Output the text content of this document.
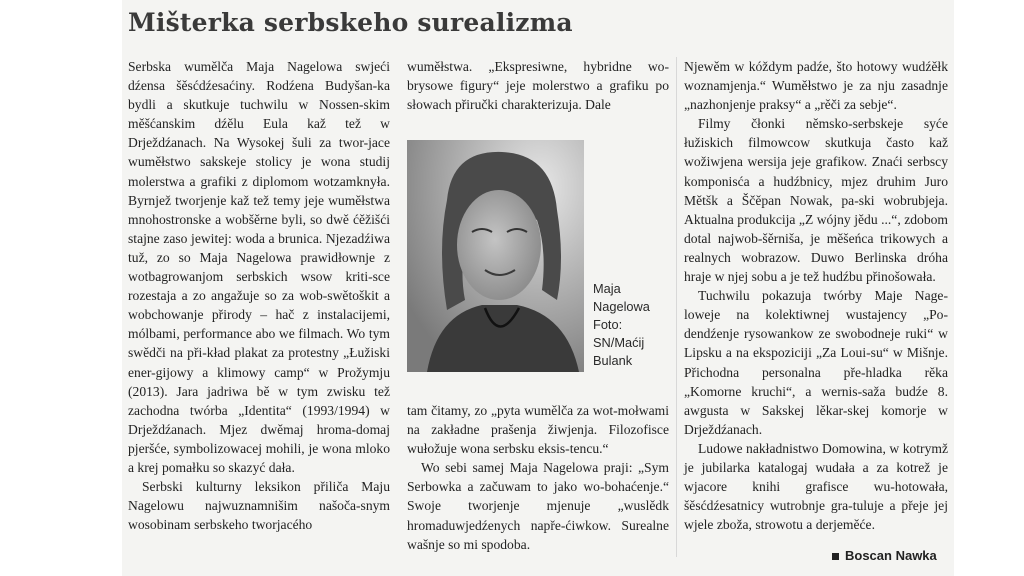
Mišterka serbskeho surealizma

Serbska wumělča Maja Nagelowa swjeći dźensa šěsćdźesaćiny. Rodźena Budyšan-ka bydli a skutkuje tuchwilu w Nossen-skim měšćanskim dźělu Eula kaž tež w Drježdźanach. Na Wysokej šuli za twor-jace wuměłstwo sakskeje stolicy je wona studij molerstwa a grafiki z diplomom wotzamknyła. Byrnjež tworjenje kaž tež temy jeje wuměłstwa mnohostronske a wobšěrne byli, so dwě ćěžišći stajne zaso jewitej: woda a brunica. Njezadźiwa tuž, zo so Maja Nagelowa prawidłownje z wotbagrowanjom serbskich wsow kriti-sce rozestaja a zo angažuje so za wob-swětoškit a wobchowanje přirody – hač z instalacijemi, mólbami, performance abo we filmach. Wo tym swědči na při-kład plakat za protestny „Łužiski ener-gijowy a klimowy camp“ w Prožymju (2013). Jara jadriwa bě w tym zwisku tež zachodna twórba „Identita“ (1993/1994) w Drježdźanach. Mjez dwěmaj hroma-domaj pjeršće, symbolizowacej mohili, je wona mloko a krej pomałku so skazyć dała.

Serbski kulturny leksikon přiliča Maju Nagelowu najwuznamnišim našoča-snym wosobinam serbskeho tworjacého

wuměłstwa. „Ekspresiwne, hybridne wo-brysowe figury“ jeje molerstwo a grafiku po słowach přiručki charakterizuja. Dale
Maja
Nagelowa
Foto:
SN/Maćij
Bulank

tam čitamy, zo „pyta wumělča za wot-mołwami na zakładne prašenja žiwjenja. Filozofisce wułožuje wona serbsku eksis-tencu.“

Wo sebi samej Maja Nagelowa praji: „Sym Serbowka a začuwam to jako wo-bohaćenje.“ Swoje tworjenje mjenuje „wuslědk hromaduwjedźenych napře-ćiwkow. Surealne wašnje so mi spodoba.

Njewěm w kóždym padźe, što hotowy wudźěłk woznamjenja.“ Wuměłstwo je za nju zasadnje „nazhonjenje praksy“ a „rěči za sebje“.

Filmy čłonki němsko-serbskeje syće łužiskich filmowcow skutkuja často kaž wožiwjena wersija jeje grafikow. Znaći serbscy komponisća a hudźbnicy, mjez druhim Juro Mětšk a Ščěpan Nowak, pa-ski wobrubjeja. Aktualna produkcija „Z wójny jědu ...“, zdobom dotal najwob-šěrniša, je měšeńca trikowych a realnych wobrazow. Duwo Berlinska dróha hraje w njej sobu a je tež hudźbu přinošowała.

Tuchwilu pokazuja twórby Maje Nage-loweje na kolektiwnej wustajency „Po-dendźenje rysowankow ze swobodneje ruki“ w Lipsku a na ekspoziciji „Za Loui-su“ w Mišnje. Přichodna personalna pře-hladka rěka „Komorne kruchi“, a wernis-saža budźe 8. awgusta w Sakskej lěkar-skej komorje w Drježdźanach.

Ludowe nakładnistwo Domowina, w kotrymž je jubilarka katalogaj wudała a za kotrež je wjacore knihi grafisce wu-hotowała, šěsćdźesatnicy wutrobnje gra-tuluje a přeje jej wjele zboža, strowotu a derjeměće.

Boscan Nawka
